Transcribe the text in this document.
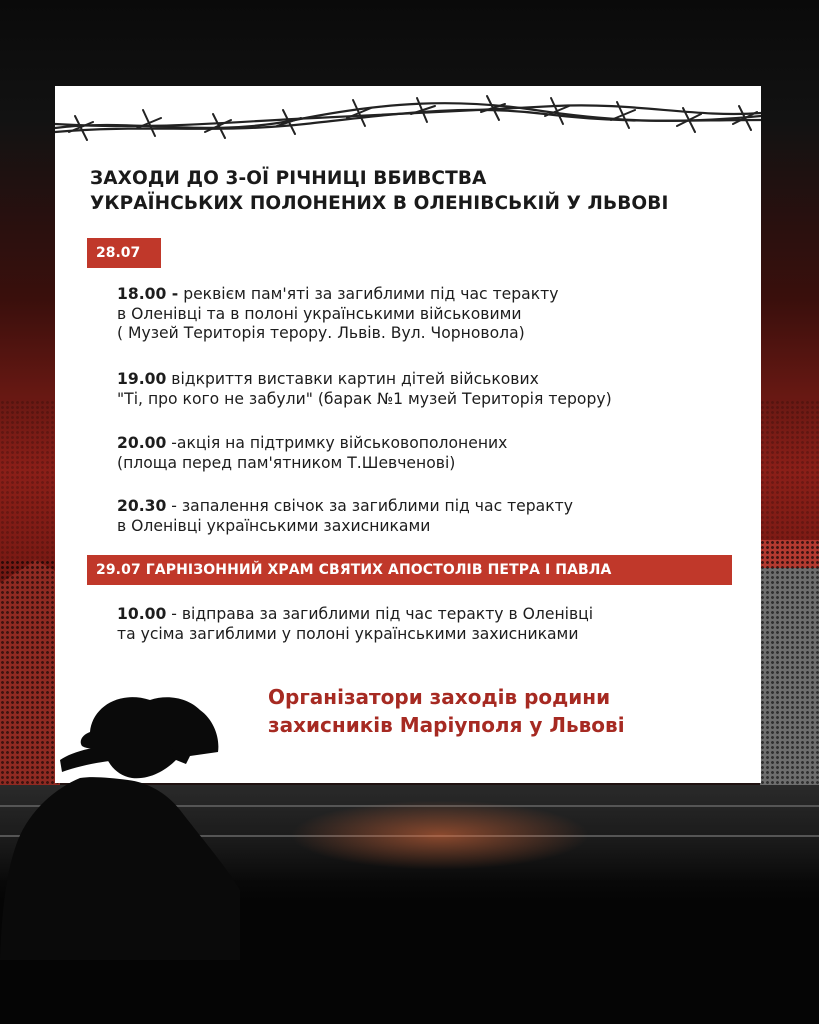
ЗАХОДИ ДО 3-ОЇ РІЧНИЦІ ВБИВСТВА
УКРАЇНСЬКИХ ПОЛОНЕНИХ В ОЛЕНІВСЬКІЙ У ЛЬВОВІ
28.07
18.00 - реквієм пам'яті за загиблими під час теракту
в Оленівці та в полоні українськими військовими
( Музей Територія терору. Львів. Вул. Чорновола)
19.00 відкриття виставки картин дітей військових
"Ті, про кого не забули" (барак №1 музей Територія терору)
20.00 -акція на підтримку військовополонених
(площа перед пам'ятником Т.Шевченові)
20.30 - запалення свічок за загиблими під час теракту
в Оленівці українськими захисниками
29.07 ГАРНІЗОННИЙ ХРАМ СВЯТИХ АПОСТОЛІВ ПЕТРА І ПАВЛА
10.00 - відправа за загиблими під час теракту в Оленівці
та усіма загиблими у полоні українськими захисниками
Організатори заходів родини
захисників Маріуполя у Львові
